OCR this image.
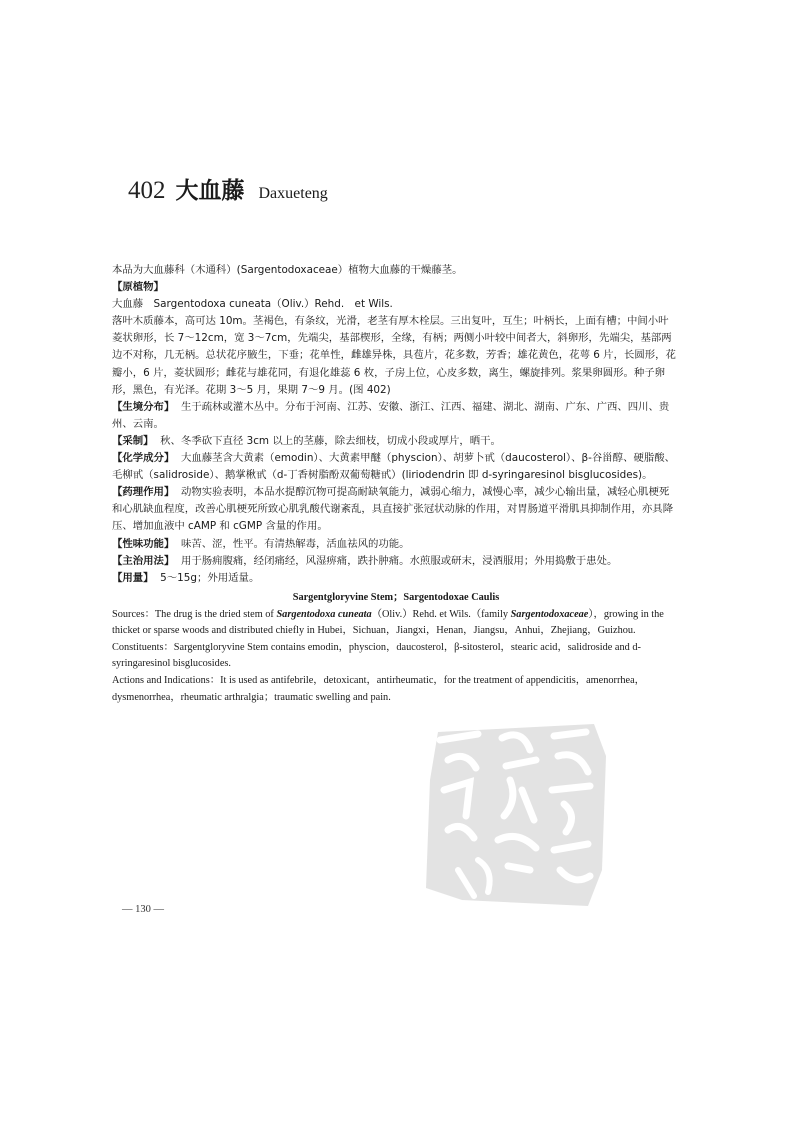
402 大血藤 Daxueteng

本品为大血藤科（木通科）(Sargentodoxaceae）植物大血藤的干燥藤茎。

【原植物】

大血藤　Sargentodoxa cuneata（Oliv.）Rehd.　et Wils.

落叶木质藤本，高可达 10m。茎褐色，有条纹，光滑，老茎有厚木栓层。三出复叶，互生；叶柄长，上面有槽；中间小叶菱状卵形，长 7～12cm，宽 3～7cm，先端尖，基部楔形，全缘，有柄；两侧小叶较中间者大，斜卵形，先端尖，基部两边不对称，几无柄。总状花序腋生，下垂；花单性，雌雄异株，具苞片，花多数，芳香；雄花黄色，花萼 6 片，长圆形，花瓣小，6 片，菱状圆形；雌花与雄花同，有退化雄蕊 6 枚，子房上位，心皮多数，离生，螺旋排列。浆果卵圆形。种子卵形，黑色，有光泽。花期 3～5 月，果期 7～9 月。(图 402)

【生境分布】 生于疏林或灌木丛中。分布于河南、江苏、安徽、浙江、江西、福建、湖北、湖南、广东、广西、四川、贵州、云南。

【采制】 秋、冬季砍下直径 3cm 以上的茎藤，除去细枝，切成小段或厚片，晒干。

【化学成分】 大血藤茎含大黄素（emodin）、大黄素甲醚（physcion）、胡萝卜甙（daucosterol）、β-谷甾醇、硬脂酸、毛柳甙（salidroside）、鹅掌楸甙（d-丁香树脂酚双葡萄糖甙）(liriodendrin 即 d-syringaresinol bisglucosides)。

【药理作用】 动物实验表明，本品水提醇沉物可提高耐缺氧能力，减弱心缩力，减慢心率，减少心输出量，减轻心肌梗死和心肌缺血程度，改善心肌梗死所致心肌乳酸代谢紊乱，具直接扩张冠状动脉的作用，对胃肠道平滑肌具抑制作用，亦具降压、增加血液中 cAMP 和 cGMP 含量的作用。

【性味功能】 味苦、涩，性平。有清热解毒，活血祛风的功能。

【主治用法】 用于肠痈腹痛，经闭痛经，风湿痹痛，跌扑肿痛。水煎服或研末，浸酒服用；外用捣敷于患处。

【用量】 5～15g；外用适量。

Sargentgloryvine Stem；Sargentodoxae Caulis

Sources：The drug is the dried stem of Sargentodoxa cuneata（Oliv.）Rehd. et Wils.（family Sargentodoxaceae），growing in the thicket or sparse woods and distributed chiefly in Hubei，Sichuan，Jiangxi，Henan，Jiangsu，Anhui，Zhejiang，Guizhou.

Constituents：Sargentgloryvine Stem contains emodin，physcion，daucosterol，β-sitosterol，stearic acid，salidroside and d-syringaresinol bisglucosides.

Actions and Indications：It is used as antifebrile，detoxicant，antirheumatic，for the treatment of appendicitis，amenorrhea，dysmenorrhea，rheumatic arthralgia；traumatic swelling and pain.

— 130 —
